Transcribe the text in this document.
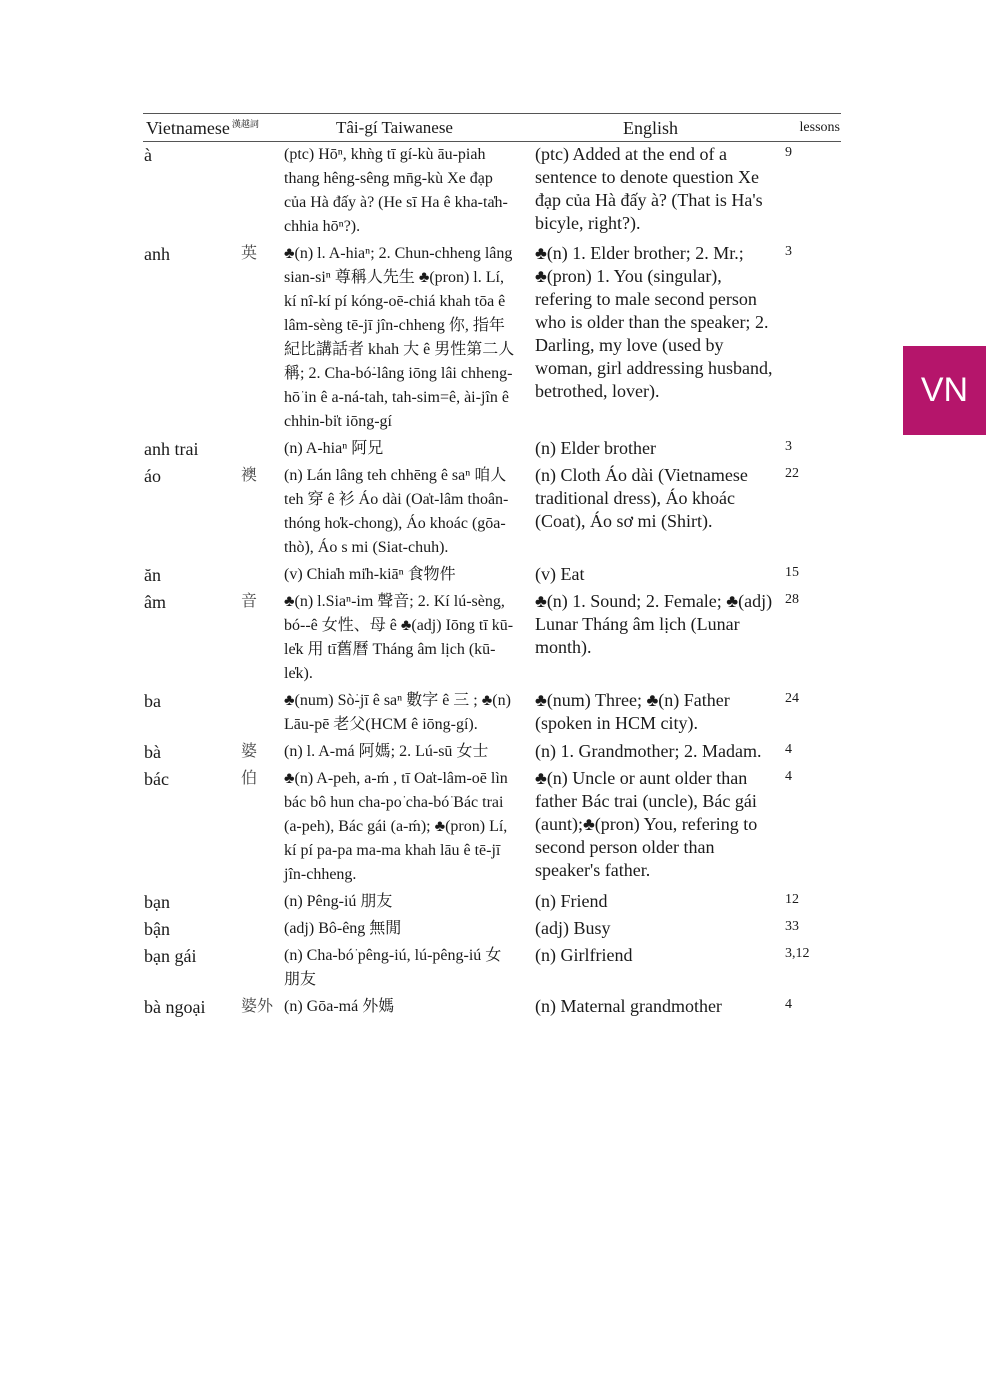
Vietnamese $^{漢越詞}$		Tâi-gí Taiwanese	English	lessons
à		(ptc) Hōⁿ, khǹg tī gí-kù āu-piah thang hêng-sêng mn̄g-kù Xe đạp của Hà đấy à? (He sī Ha ê kha-ta̍h-chhia hōⁿ?).	(ptc) Added at the end of a sentence to denote question Xe đạp của Hà đấy à? (That is Ha's bicyle, right?).	9
anh	英	♣(n) l. A-hiaⁿ; 2. Chun-chheng lâng sian-siⁿ 尊稱人先生 ♣(pron) l. Lí, kí nî-kí pí kóng-oē-chiá khah tōa ê lâm-sèng tē-jī jîn-chheng 你, 指年紀比講話者 khah 大 ê 男性第二人稱; 2. Cha-bó͘-lâng iōng lâi chheng-hō͘ in ê a-ná-tah, tah-sim=ê, ài-jîn ê chhin-bi̍t iōng-gí	♣(n) 1. Elder brother; 2. Mr.; ♣(pron) 1. You (singular), refering to male second person who is older than the speaker; 2. Darling, my love (used by woman, girl addressing husband, betrothed, lover).	3
anh trai		(n) A-hiaⁿ 阿兄	(n) Elder brother	3
áo	襖	(n) Lán lâng teh chhēng ê saⁿ 咱人 teh 穿 ê 衫 Áo dài (Oa̍t-lâm thoân-thóng ho̍k-chong), Áo khoác (gōa-thò͘), Áo s mi (Siat-chuh).	(n) Cloth Áo dài (Vietnamese traditional dress), Áo khoác (Coat), Áo sơ mi (Shirt).	22
ăn		(v) Chia̍h mi̍h-kiāⁿ 食物件	(v) Eat	15
âm	音	♣(n) l.Siaⁿ-im 聲音; 2. Kí lú-sèng, bó--ê 女性、母 ê ♣(adj) Iōng tī kū-le̍k 用 tī舊曆 Tháng âm lịch (kū-le̍k).	♣(n) 1. Sound; 2. Female; ♣(adj) Lunar Tháng âm lịch (Lunar month).	28
ba		♣(num) Sò͘-jī ê saⁿ 數字 ê 三 ; ♣(n) Lāu-pē 老父(HCM ê iōng-gí).	♣(num) Three; ♣(n) Father (spoken in HCM city).	24
bà	婆	(n) l. A-má 阿媽; 2. Lú-sū 女士	(n) 1. Grandmother; 2. Madam.	4
bác	伯	♣(n) A-peh, a-ḿ , tī Oa̍t-lâm-oē lìn bác bô hun cha-po͘ cha-bó͘ Bác trai (a-peh), Bác gái (a-ḿ); ♣(pron) Lí, kí pí pa-pa ma-ma khah lāu ê tē-jī jîn-chheng.	♣(n) Uncle or aunt older than father Bác trai (uncle), Bác gái (aunt);♣(pron) You, refering to second person older than speaker's father.	4
bạn		(n) Pêng-iú 朋友	(n) Friend	12
bận		(adj) Bô-êng 無閒	(adj) Busy	33
bạn gái		(n) Cha-bó͘ pêng-iú, lú-pêng-iú 女朋友	(n) Girlfriend	3,12
bà ngoại	婆外	(n) Gōa-má 外媽	(n) Maternal grandmother	4
VN
